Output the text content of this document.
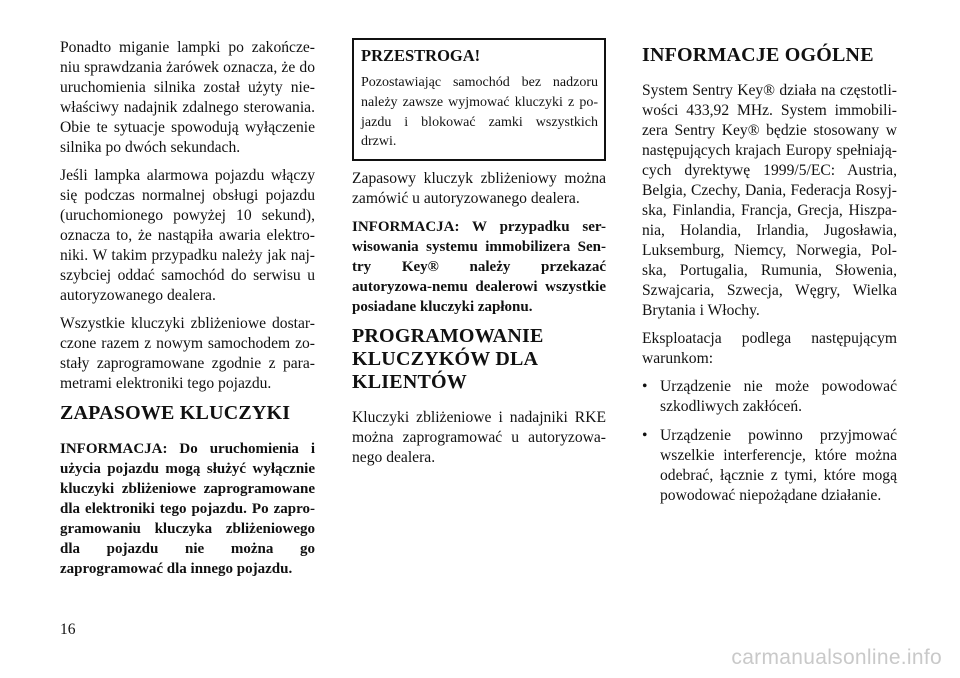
Ponadto miganie lampki po zakończe-niu sprawdzania żarówek oznacza, że do uruchomienia silnika został użyty nie-właściwy nadajnik zdalnego sterowania. Obie te sytuacje spowodują wyłączenie silnika po dwóch sekundach.

Jeśli lampka alarmowa pojazdu włączy się podczas normalnej obsługi pojazdu (uruchomionego powyżej 10 sekund), oznacza to, że nastąpiła awaria elektro-niki. W takim przypadku należy jak naj-szybciej oddać samochód do serwisu u autoryzowanego dealera.

Wszystkie kluczyki zbliżeniowe dostar-czone razem z nowym samochodem zo-stały zaprogramowane zgodnie z para-metrami elektroniki tego pojazdu.

ZAPASOWE KLUCZYKI

INFORMACJA: Do uruchomienia i użycia pojazdu mogą służyć wyłącznie kluczyki zbliżeniowe zaprogramowane dla elektroniki tego pojazdu. Po zapro-gramowaniu kluczyka zbliżeniowego dla pojazdu nie można go zaprogramować dla innego pojazdu.

PRZESTROGA!

Pozostawiając samochód bez nadzoru należy zawsze wyjmować kluczyki z po-jazdu i blokować zamki wszystkich drzwi.

Zapasowy kluczyk zbliżeniowy można zamówić u autoryzowanego dealera.

INFORMACJA: W przypadku ser-wisowania systemu immobilizera Sen-try Key® należy przekazać autoryzowa-nemu dealerowi wszystkie posiadane kluczyki zapłonu.

PROGRAMOWANIE KLUCZYKÓW DLA KLIENTÓW

Kluczyki zbliżeniowe i nadajniki RKE można zaprogramować u autoryzowa-nego dealera.

INFORMACJE OGÓLNE

System Sentry Key® działa na częstotli-wości 433,92 MHz. System immobili-zera Sentry Key® będzie stosowany w następujących krajach Europy spełniają-cych dyrektywę 1999/5/EC: Austria, Belgia, Czechy, Dania, Federacja Rosyj-ska, Finlandia, Francja, Grecja, Hiszpa-nia, Holandia, Irlandia, Jugosławia, Luksemburg, Niemcy, Norwegia, Pol-ska, Portugalia, Rumunia, Słowenia, Szwajcaria, Szwecja, Węgry, Wielka Brytania i Włochy.

Eksploatacja podlega następującym warunkom:

• Urządzenie nie może powodować szkodliwych zakłóceń.
• Urządzenie powinno przyjmować wszelkie interferencje, które można odebrać, łącznie z tymi, które mogą powodować niepożądane działanie.
16
carmanualsonline.info
